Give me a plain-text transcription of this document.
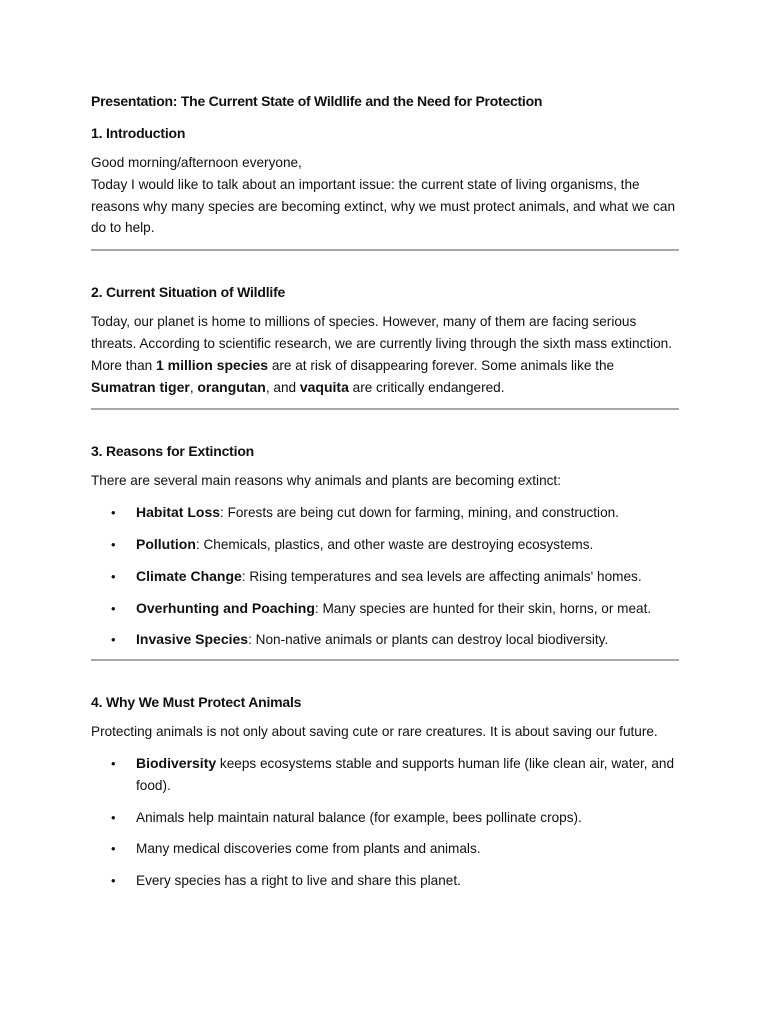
Presentation: The Current State of Wildlife and the Need for Protection
1. Introduction

Good morning/afternoon everyone,

Today I would like to talk about an important issue: the current state of living organisms, the reasons why many species are becoming extinct, why we must protect animals, and what we can do to help.

2. Current Situation of Wildlife

Today, our planet is home to millions of species. However, many of them are facing serious threats. According to scientific research, we are currently living through the sixth mass extinction.

More than 1 million species are at risk of disappearing forever. Some animals like the Sumatran tiger, orangutan, and vaquita are critically endangered.

3. Reasons for Extinction

There are several main reasons why animals and plants are becoming extinct:

• Habitat Loss: Forests are being cut down for farming, mining, and construction.
• Pollution: Chemicals, plastics, and other waste are destroying ecosystems.
• Climate Change: Rising temperatures and sea levels are affecting animals' homes.
• Overhunting and Poaching: Many species are hunted for their skin, horns, or meat.
• Invasive Species: Non-native animals or plants can destroy local biodiversity.
4. Why We Must Protect Animals

Protecting animals is not only about saving cute or rare creatures. It is about saving our future.

• Biodiversity keeps ecosystems stable and supports human life (like clean air, water, and food).
• Animals help maintain natural balance (for example, bees pollinate crops).
• Many medical discoveries come from plants and animals.
• Every species has a right to live and share this planet.
